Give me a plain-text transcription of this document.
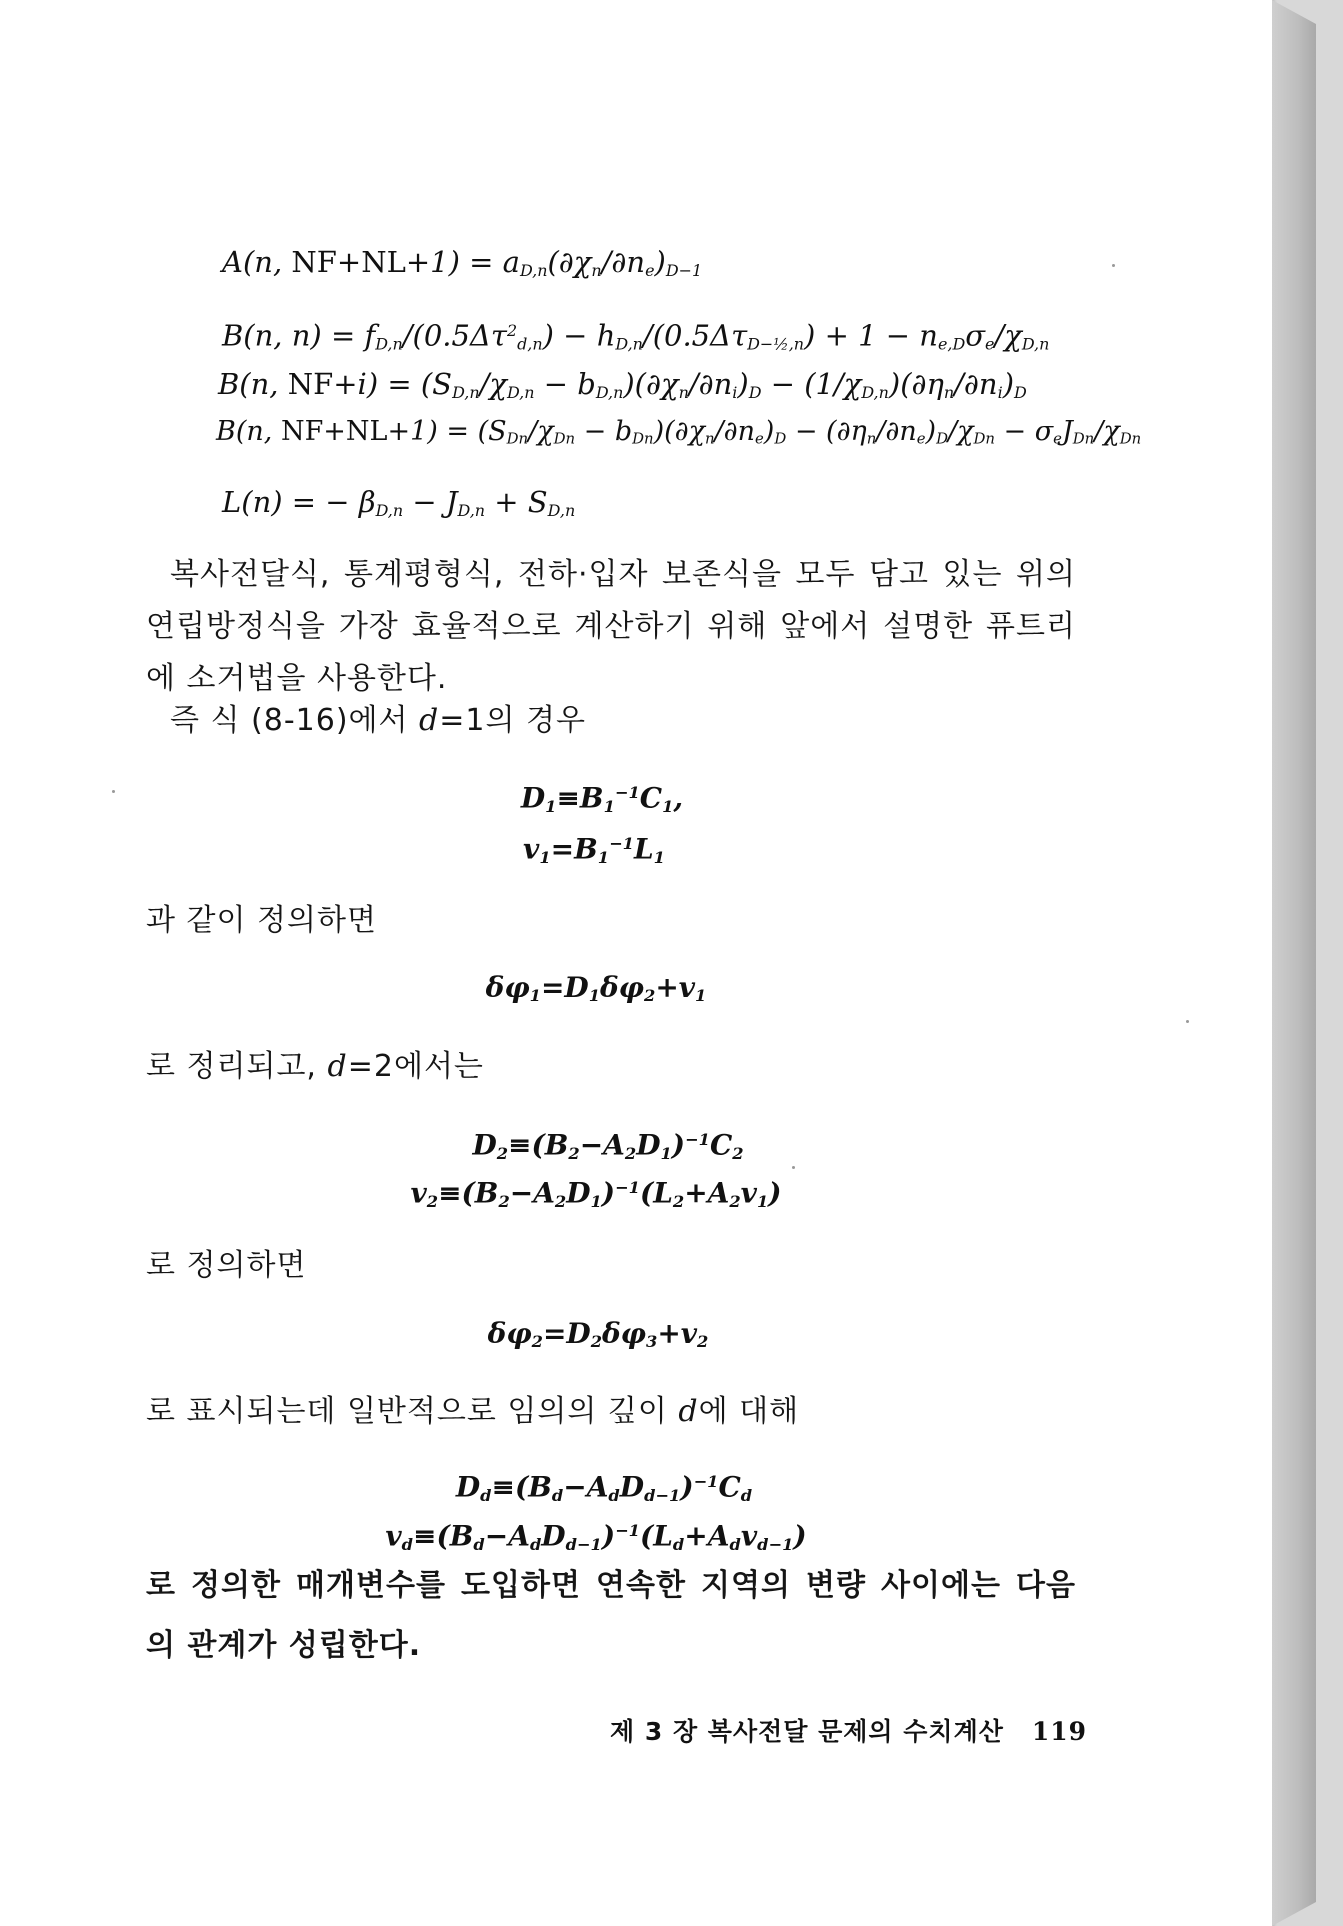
A(n, $NF+NL+1) = a_{D,n}(\partial\chi_n/\partial n_e)_{D-1}$
B(n, $n) = f_{D,n}/(0.5\Delta\tau^2_{d,n}) - h_{D,n}/(0.5\Delta\tau_{D-\frac{1}{2},n}) + 1 - n_{e,D}\sigma_e/\chi_{D,n}$
B(n, $NF+i) = (S_{D,n}/\chi_{D,n} - b_{D,n})(\partial\chi_n/\partial n_i)_D - (1/\chi_{D,n})(\partial\eta_n/\partial n_i)_D$
B(n, $NF+NL+1) = (S_{Dn}/\chi_{Dn} - b_{Dn})(\partial\chi_n/\partial n_e)_D - (\partial\eta_n/\partial n_e)_D/\chi_{Dn} - \sigma_eJ_{Dn}/\chi_{Dn}$
L(n) = − $\beta_{D,n} - J_{D,n} + S_{D,n}$
복사전달식, 통계평형식, 전하·입자 보존식을 모두 담고 있는 위의 연립방정식을 가장 효율적으로 계산하기 위해 앞에서 설명한 퓨트리에 소거법을 사용한다.
즉 식 (8-16)에서 d=1의 경우
$D_1\equiv B_1^{-1}C_1$,
$v_1=B_1^{-1}L_1$
과 같이 정의하면
$\delta\varphi_1=D_1\delta\varphi_2+v_1$
로 정리되고, d=2에서는
$D_2\equiv(B_2-A_2D_1)^{-1}C_2$
$v_2\equiv(B_2-A_2D_1)^{-1}(L_2+A_2v_1)$
로 정의하면
$\delta\varphi_2=D_2\delta\varphi_3+v_2$
로 표시되는데 일반적으로 임의의 깊이 d에 대해
$D_d\equiv(B_d-A_dD_{d-1})^{-1}C_d$
$v_d\equiv(B_d-A_dD_{d-1})^{-1}(L_d+A_dv_{d-1})$
로 정의한 매개변수를 도입하면 연속한 지역의 변량 사이에는 다음의 관계가 성립한다.
제 3 장 복사전달 문제의 수치계산 119
